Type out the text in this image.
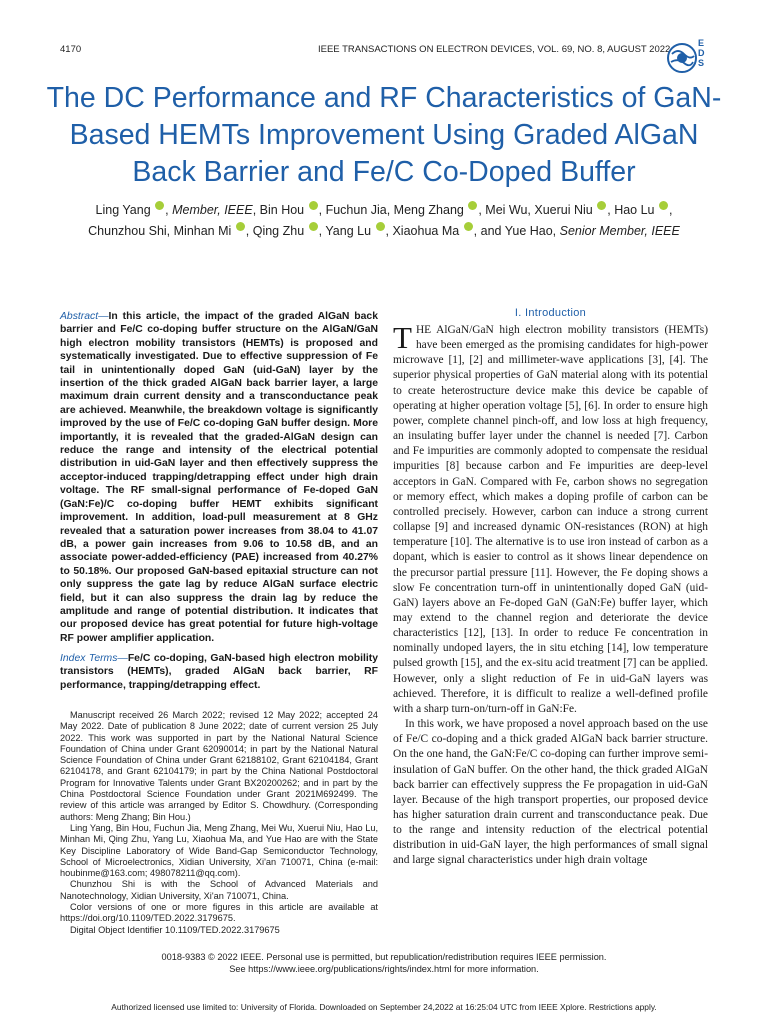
4170	IEEE TRANSACTIONS ON ELECTRON DEVICES, VOL. 69, NO. 8, AUGUST 2022
E D S
The DC Performance and RF Characteristics of GaN-Based HEMTs Improvement Using Graded AlGaN Back Barrier and Fe/C Co-Doped Buffer
Ling Yang , Member, IEEE, Bin Hou , Fuchun Jia, Meng Zhang , Mei Wu, Xuerui Niu , Hao Lu ,
Chunzhou Shi, Minhan Mi , Qing Zhu , Yang Lu , Xiaohua Ma , and Yue Hao, Senior Member, IEEE
Abstract—In this article, the impact of the graded AlGaN back barrier and Fe/C co-doping buffer structure on the AlGaN/GaN high electron mobility transistors (HEMTs) is proposed and systematically investigated. Due to effective suppression of Fe tail in unintentionally doped GaN (uid-GaN) layer by the insertion of the thick graded AlGaN back barrier layer, a large maximum drain current density and a transconductance peak are achieved. Meanwhile, the breakdown voltage is significantly improved by the use of Fe/C co-doping GaN buffer design. More importantly, it is revealed that the graded-AlGaN design can reduce the range and intensity of the electrical potential distribution in uid-GaN layer and then effectively suppress the acceptor-induced trapping/detrapping effect under high drain voltage. The RF small-signal performance of Fe-doped GaN (GaN:Fe)/C co-doping buffer HEMT exhibits significant improvement. In addition, load-pull measurement at 8 GHz revealed that a saturation power increases from 38.04 to 41.07 dB, a power gain increases from 9.06 to 10.58 dB, and an associate power-added-efficiency (PAE) increased from 40.27% to 50.18%. Our proposed GaN-based epitaxial structure can not only suppress the gate lag by reduce AlGaN surface electric field, but it can also suppress the drain lag by reduce the amplitude and range of potential distribution. It indicates that our proposed device has great potential for future high-voltage RF power amplifier application.
Index Terms—Fe/C co-doping, GaN-based high electron mobility transistors (HEMTs), graded AlGaN back barrier, RF performance, trapping/detrapping effect.

Manuscript received 26 March 2022; revised 12 May 2022; accepted 24 May 2022. Date of publication 8 June 2022; date of current version 25 July 2022. This work was supported in part by the National Natural Science Foundation of China under Grant 62090014; in part by the National Natural Science Foundation of China under Grant 62188102, Grant 62104184, Grant 62104178, and Grant 62104179; in part by the China National Postdoctoral Program for Innovative Talents under Grant BX20200262; and in part by the China Postdoctoral Science Foundation under Grant 2021M692499. The review of this article was arranged by Editor S. Chowdhury. (Corresponding authors: Meng Zhang; Bin Hou.)

Ling Yang, Bin Hou, Fuchun Jia, Meng Zhang, Mei Wu, Xuerui Niu, Hao Lu, Minhan Mi, Qing Zhu, Yang Lu, Xiaohua Ma, and Yue Hao are with the State Key Discipline Laboratory of Wide Band-Gap Semiconductor Technology, School of Microelectronics, Xidian University, Xi'an 710071, China (e-mail: houbinme@163.com; 498078211@qq.com).

Chunzhou Shi is with the School of Advanced Materials and Nanotechnology, Xidian University, Xi'an 710071, China.

Color versions of one or more figures in this article are available at https://doi.org/10.1109/TED.2022.3179675.

Digital Object Identifier 10.1109/TED.2022.3179675

I. Introduction

THE AlGaN/GaN high electron mobility transistors (HEMTs) have been emerged as the promising candidates for high-power microwave [1], [2] and millimeter-wave applications [3], [4]. The superior physical properties of GaN material along with its potential to create heterostructure device make this device be capable of operating at higher operation voltage [5], [6]. In order to ensure high power, complete channel pinch-off, and low loss at high frequency, an insulating buffer layer under the channel is needed [7]. Carbon and Fe impurities are commonly adopted to compensate the residual impurities [8] because carbon and Fe impurities are deep-level acceptors in GaN. Compared with Fe, carbon shows no segregation or memory effect, which makes a doping profile of carbon can be controlled precisely. However, carbon can induce a strong current collapse [9] and increased dynamic ON-resistances (RON) at high temperature [10]. The alternative is to use iron instead of carbon as a dopant, which is easier to control as it shows linear dependence on the precursor partial pressure [11]. However, the Fe doping shows a slow Fe concentration turn-off in unintentionally doped GaN (uid-GaN) layers above an Fe-doped GaN (GaN:Fe) buffer layer, which may extend to the channel region and deteriorate the device characteristics [12], [13]. In order to reduce Fe concentration in nominally undoped layers, the in situ etching [14], low temperature pulsed growth [15], and the ex-situ acid treatment [7] can be applied. However, only a slight reduction of Fe in uid-GaN layers was achieved. Therefore, it is difficult to realize a well-defined profile with a sharp turn-on/turn-off in GaN:Fe.

In this work, we have proposed a novel approach based on the use of Fe/C co-doping and a thick graded AlGaN back barrier structure. On the one hand, the GaN:Fe/C co-doping can further improve semi-insulation of GaN buffer. On the other hand, the thick graded AlGaN back barrier can effectively suppress the Fe propagation in uid-GaN layer. Because of the high transport properties, our proposed device has higher saturation drain current and transconductance peak. Due to the range and intensity reduction of the electrical potential distribution in uid-GaN layer, the high performances of small signal and large signal characteristics under high drain voltage

0018-9383 © 2022 IEEE. Personal use is permitted, but republication/redistribution requires IEEE permission.
See https://www.ieee.org/publications/rights/index.html for more information.
Authorized licensed use limited to: University of Florida. Downloaded on September 24,2022 at 16:25:04 UTC from IEEE Xplore. Restrictions apply.
